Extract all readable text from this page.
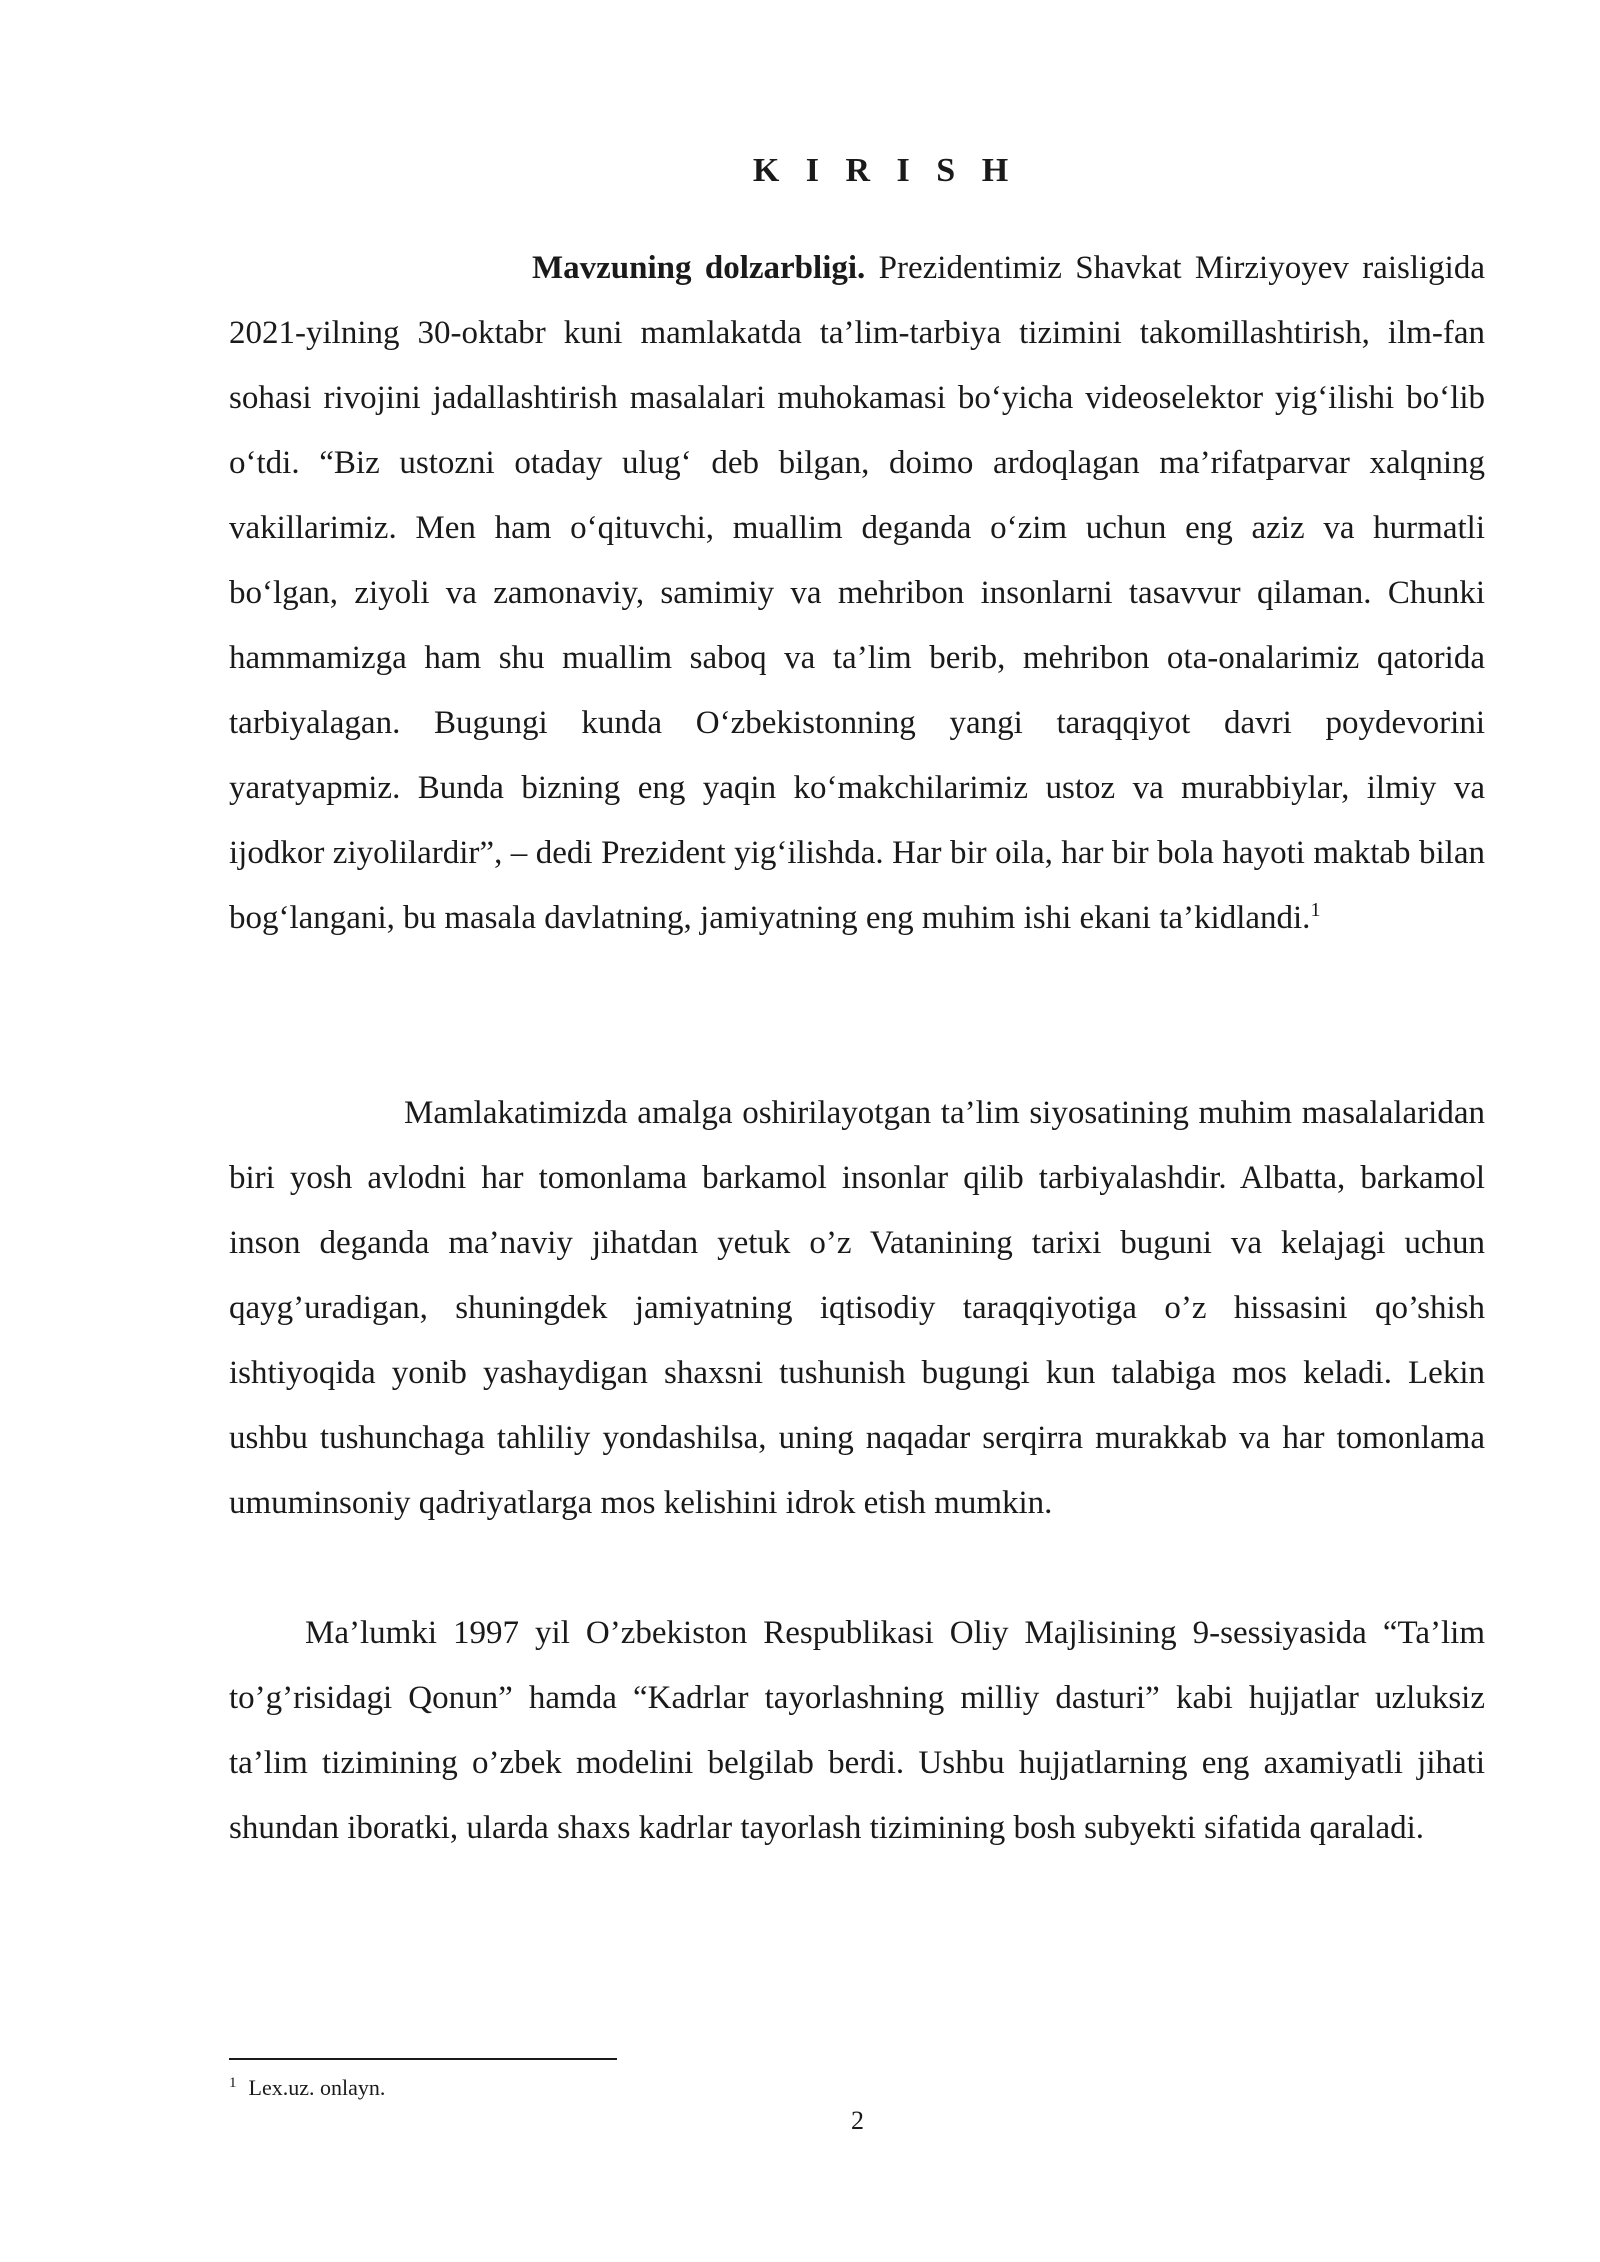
K I R I S H

Mavzuning dolzarbligi. Prezidentimiz Shavkat Mirziyoyev raisligida 2021-yilning 30-oktabr kuni mamlakatda ta’lim-tarbiya tizimini takomillashtirish, ilm-fan sohasi rivojini jadallashtirish masalalari muhokamasi bo‘yicha videoselektor yig‘ilishi bo‘lib o‘tdi. “Biz ustozni otaday ulug‘ deb bilgan, doimo ardoqlagan ma’rifatparvar xalqning vakillarimiz. Men ham o‘qituvchi, muallim deganda o‘zim uchun eng aziz va hurmatli bo‘lgan, ziyoli va zamonaviy, samimiy va mehribon insonlarni tasavvur qilaman. Chunki hammamizga ham shu muallim saboq va ta’lim berib, mehribon ota-onalarimiz qatorida tarbiyalagan. Bugungi kunda O‘zbekistonning yangi taraqqiyot davri poydevorini yaratyapmiz. Bunda bizning eng yaqin ko‘makchilarimiz ustoz va murabbiylar, ilmiy va ijodkor ziyolilardir”, – dedi Prezident yig‘ilishda. Har bir oila, har bir bola hayoti maktab bilan bog‘langani, bu masala davlatning, jamiyatning eng muhim ishi ekani ta’kidlandi.$^1$

Mamlakatimizda amalga oshirilayotgan ta’lim siyosatining muhim masalalaridan biri yosh avlodni har tomonlama barkamol insonlar qilib tarbiyalashdir. Albatta, barkamol inson deganda ma’naviy jihatdan yetuk o’z Vatanining tarixi buguni va kelajagi uchun qayg’uradigan, shuningdek jamiyatning iqtisodiy taraqqiyotiga o’z hissasini qo’shish ishtiyoqida yonib yashaydigan shaxsni tushunish bugungi kun talabiga mos keladi. Lekin ushbu tushunchaga tahliliy yondashilsa, uning naqadar serqirra murakkab va har tomonlama umuminsoniy qadriyatlarga mos kelishini idrok etish mumkin.

Ma’lumki 1997 yil O’zbekiston Respublikasi Oliy Majlisining 9-sessiyasida “Ta’lim to’g’risidagi Qonun” hamda “Kadrlar tayorlashning milliy dasturi” kabi hujjatlar uzluksiz ta’lim tizimining o’zbek modelini belgilab berdi. Ushbu hujjatlarning eng axamiyatli jihati shundan iboratki, ularda shaxs kadrlar tayorlash tizimining bosh subyekti sifatida qaraladi.

$^1$ Lex.uz. onlayn.
2
